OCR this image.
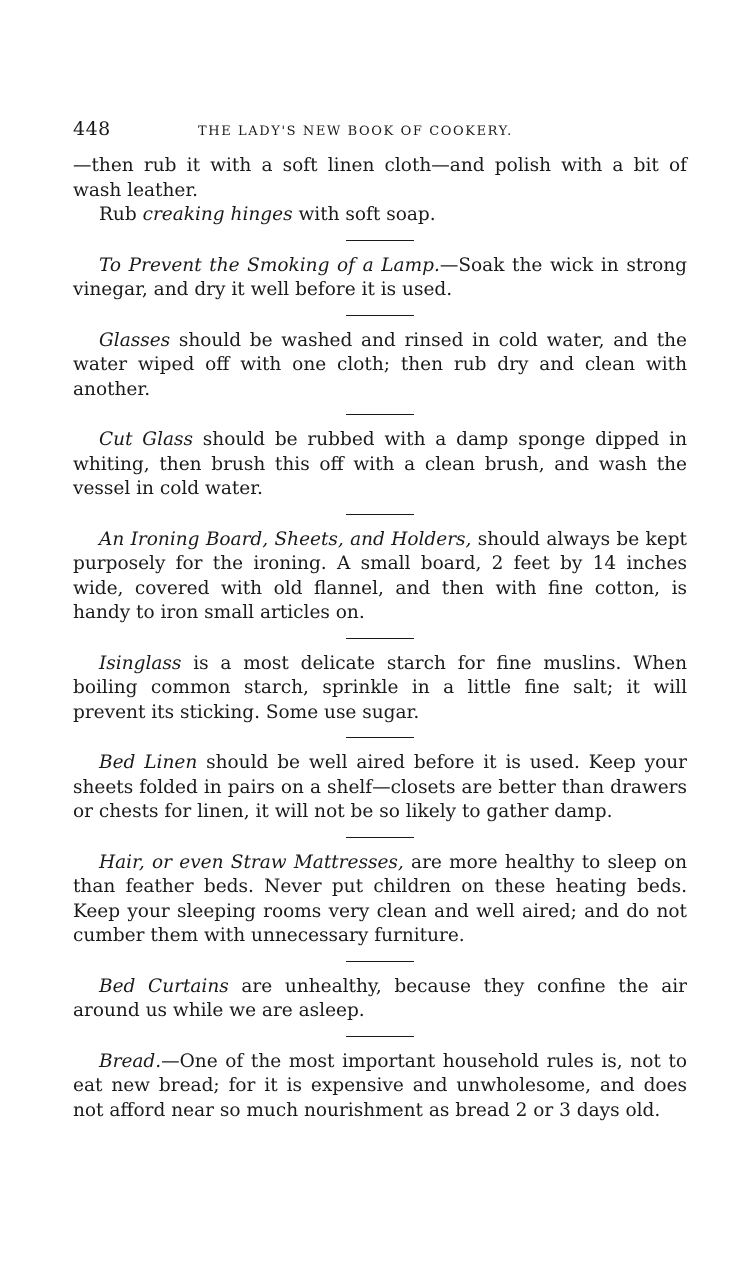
448	THE LADY'S NEW BOOK OF COOKERY.

—then rub it with a soft linen cloth—and polish with a bit of wash leather.

Rub creaking hinges with soft soap.

To Prevent the Smoking of a Lamp.—Soak the wick in strong vinegar, and dry it well before it is used.

Glasses should be washed and rinsed in cold water, and the water wiped off with one cloth; then rub dry and clean with another.

Cut Glass should be rubbed with a damp sponge dipped in whiting, then brush this off with a clean brush, and wash the vessel in cold water.

An Ironing Board, Sheets, and Holders, should always be kept purposely for the ironing. A small board, 2 feet by 14 inches wide, covered with old flannel, and then with fine cotton, is handy to iron small articles on.

Isinglass is a most delicate starch for fine muslins. When boiling common starch, sprinkle in a little fine salt; it will prevent its sticking. Some use sugar.

Bed Linen should be well aired before it is used. Keep your sheets folded in pairs on a shelf—closets are better than drawers or chests for linen, it will not be so likely to gather damp.

Hair, or even Straw Mattresses, are more healthy to sleep on than feather beds. Never put children on these heating beds. Keep your sleeping rooms very clean and well aired; and do not cumber them with unnecessary furniture.

Bed Curtains are unhealthy, because they confine the air around us while we are asleep.

Bread.—One of the most important household rules is, not to eat new bread; for it is expensive and unwholesome, and does not afford near so much nourishment as bread 2 or 3 days old.
